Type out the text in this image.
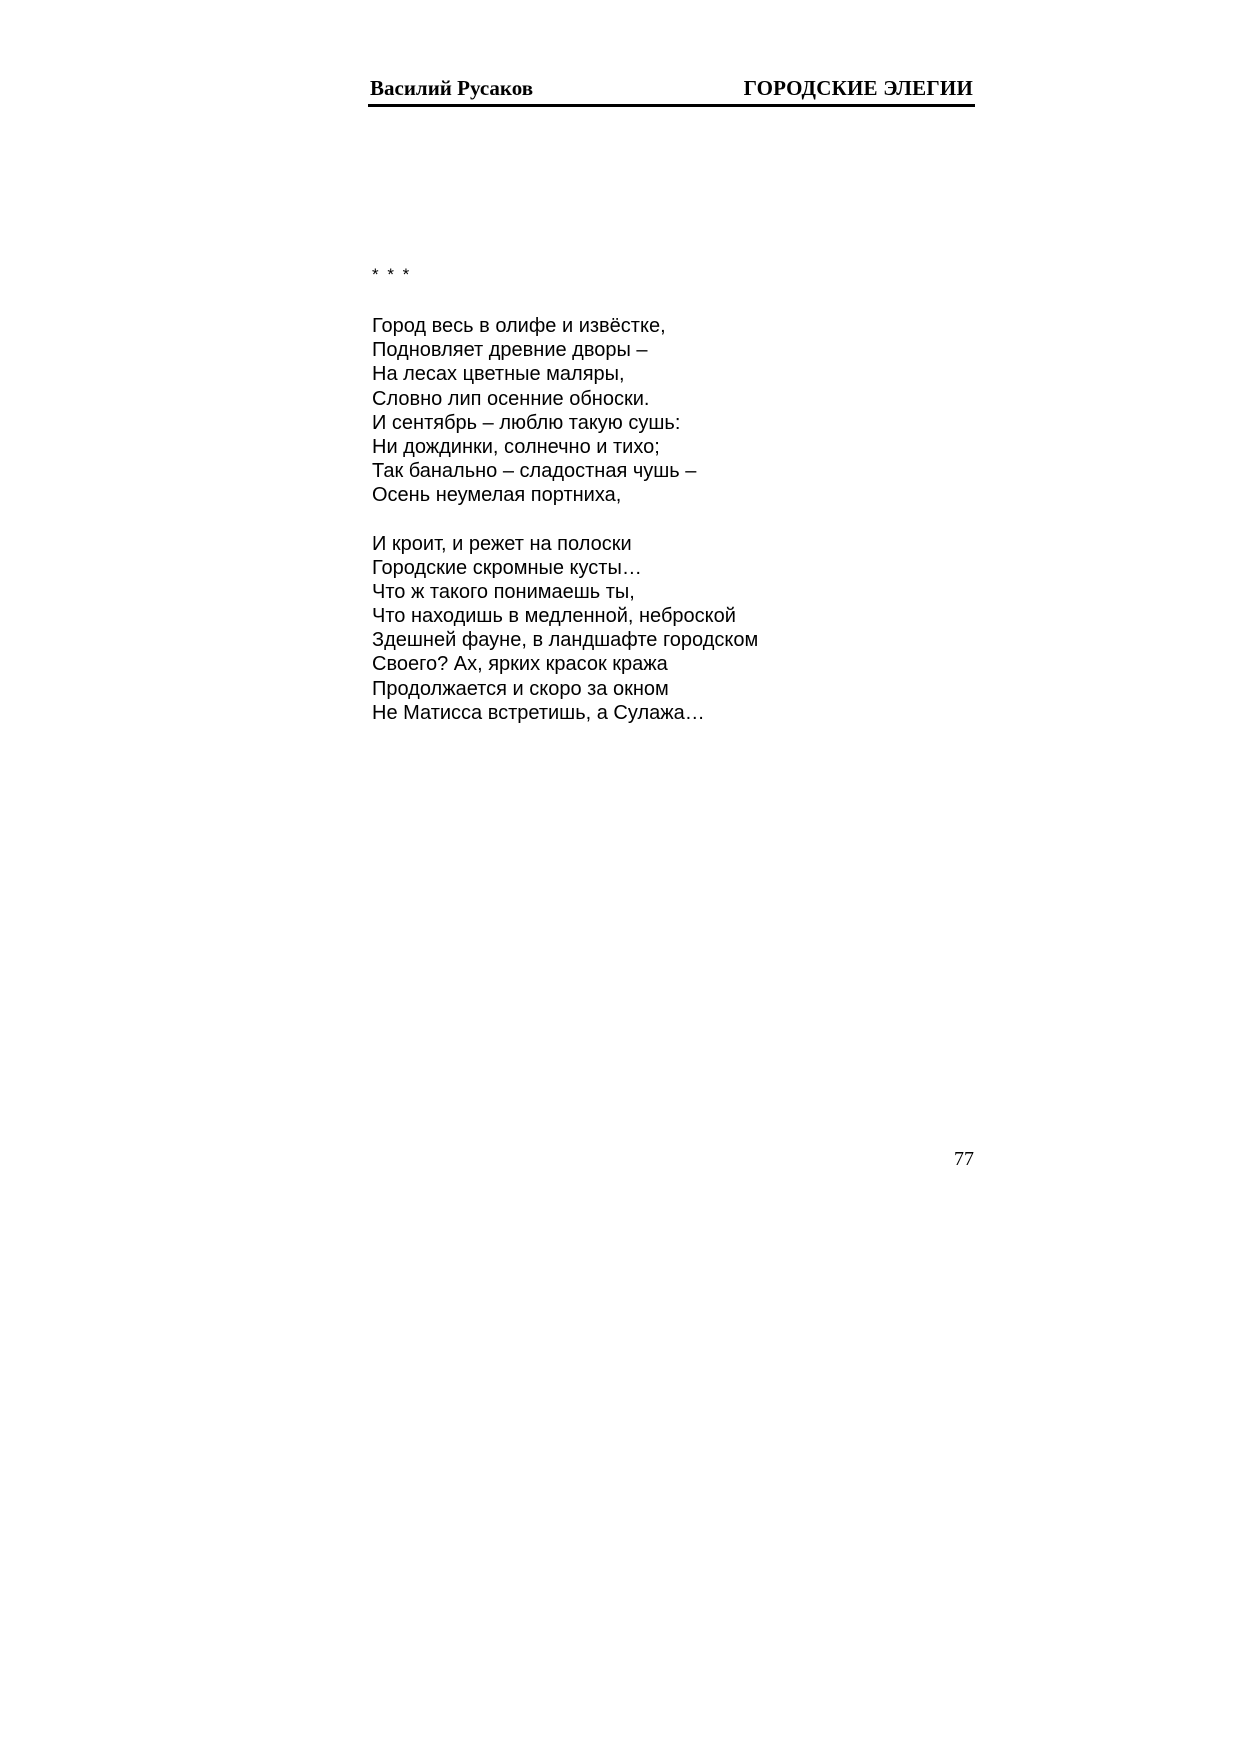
Василий Русаков	ГОРОДСКИЕ ЭЛЕГИИ
* * *
Город весь в олифе и извёстке,
Подновляет древние дворы –
На лесах цветные маляры,
Словно лип осенние обноски.
И сентябрь – люблю такую сушь:
Ни дождинки, солнечно и тихо;
Так банально – сладостная чушь –
Осень неумелая портниха,
И кроит, и режет на полоски
Городские скромные кусты…
Что ж такого понимаешь ты,
Что находишь в медленной, неброской
Здешней фауне, в ландшафте городском
Своего? Ах, ярких красок кража
Продолжается и скоро за окном
Не Матисса встретишь, а Сулажа…
77
